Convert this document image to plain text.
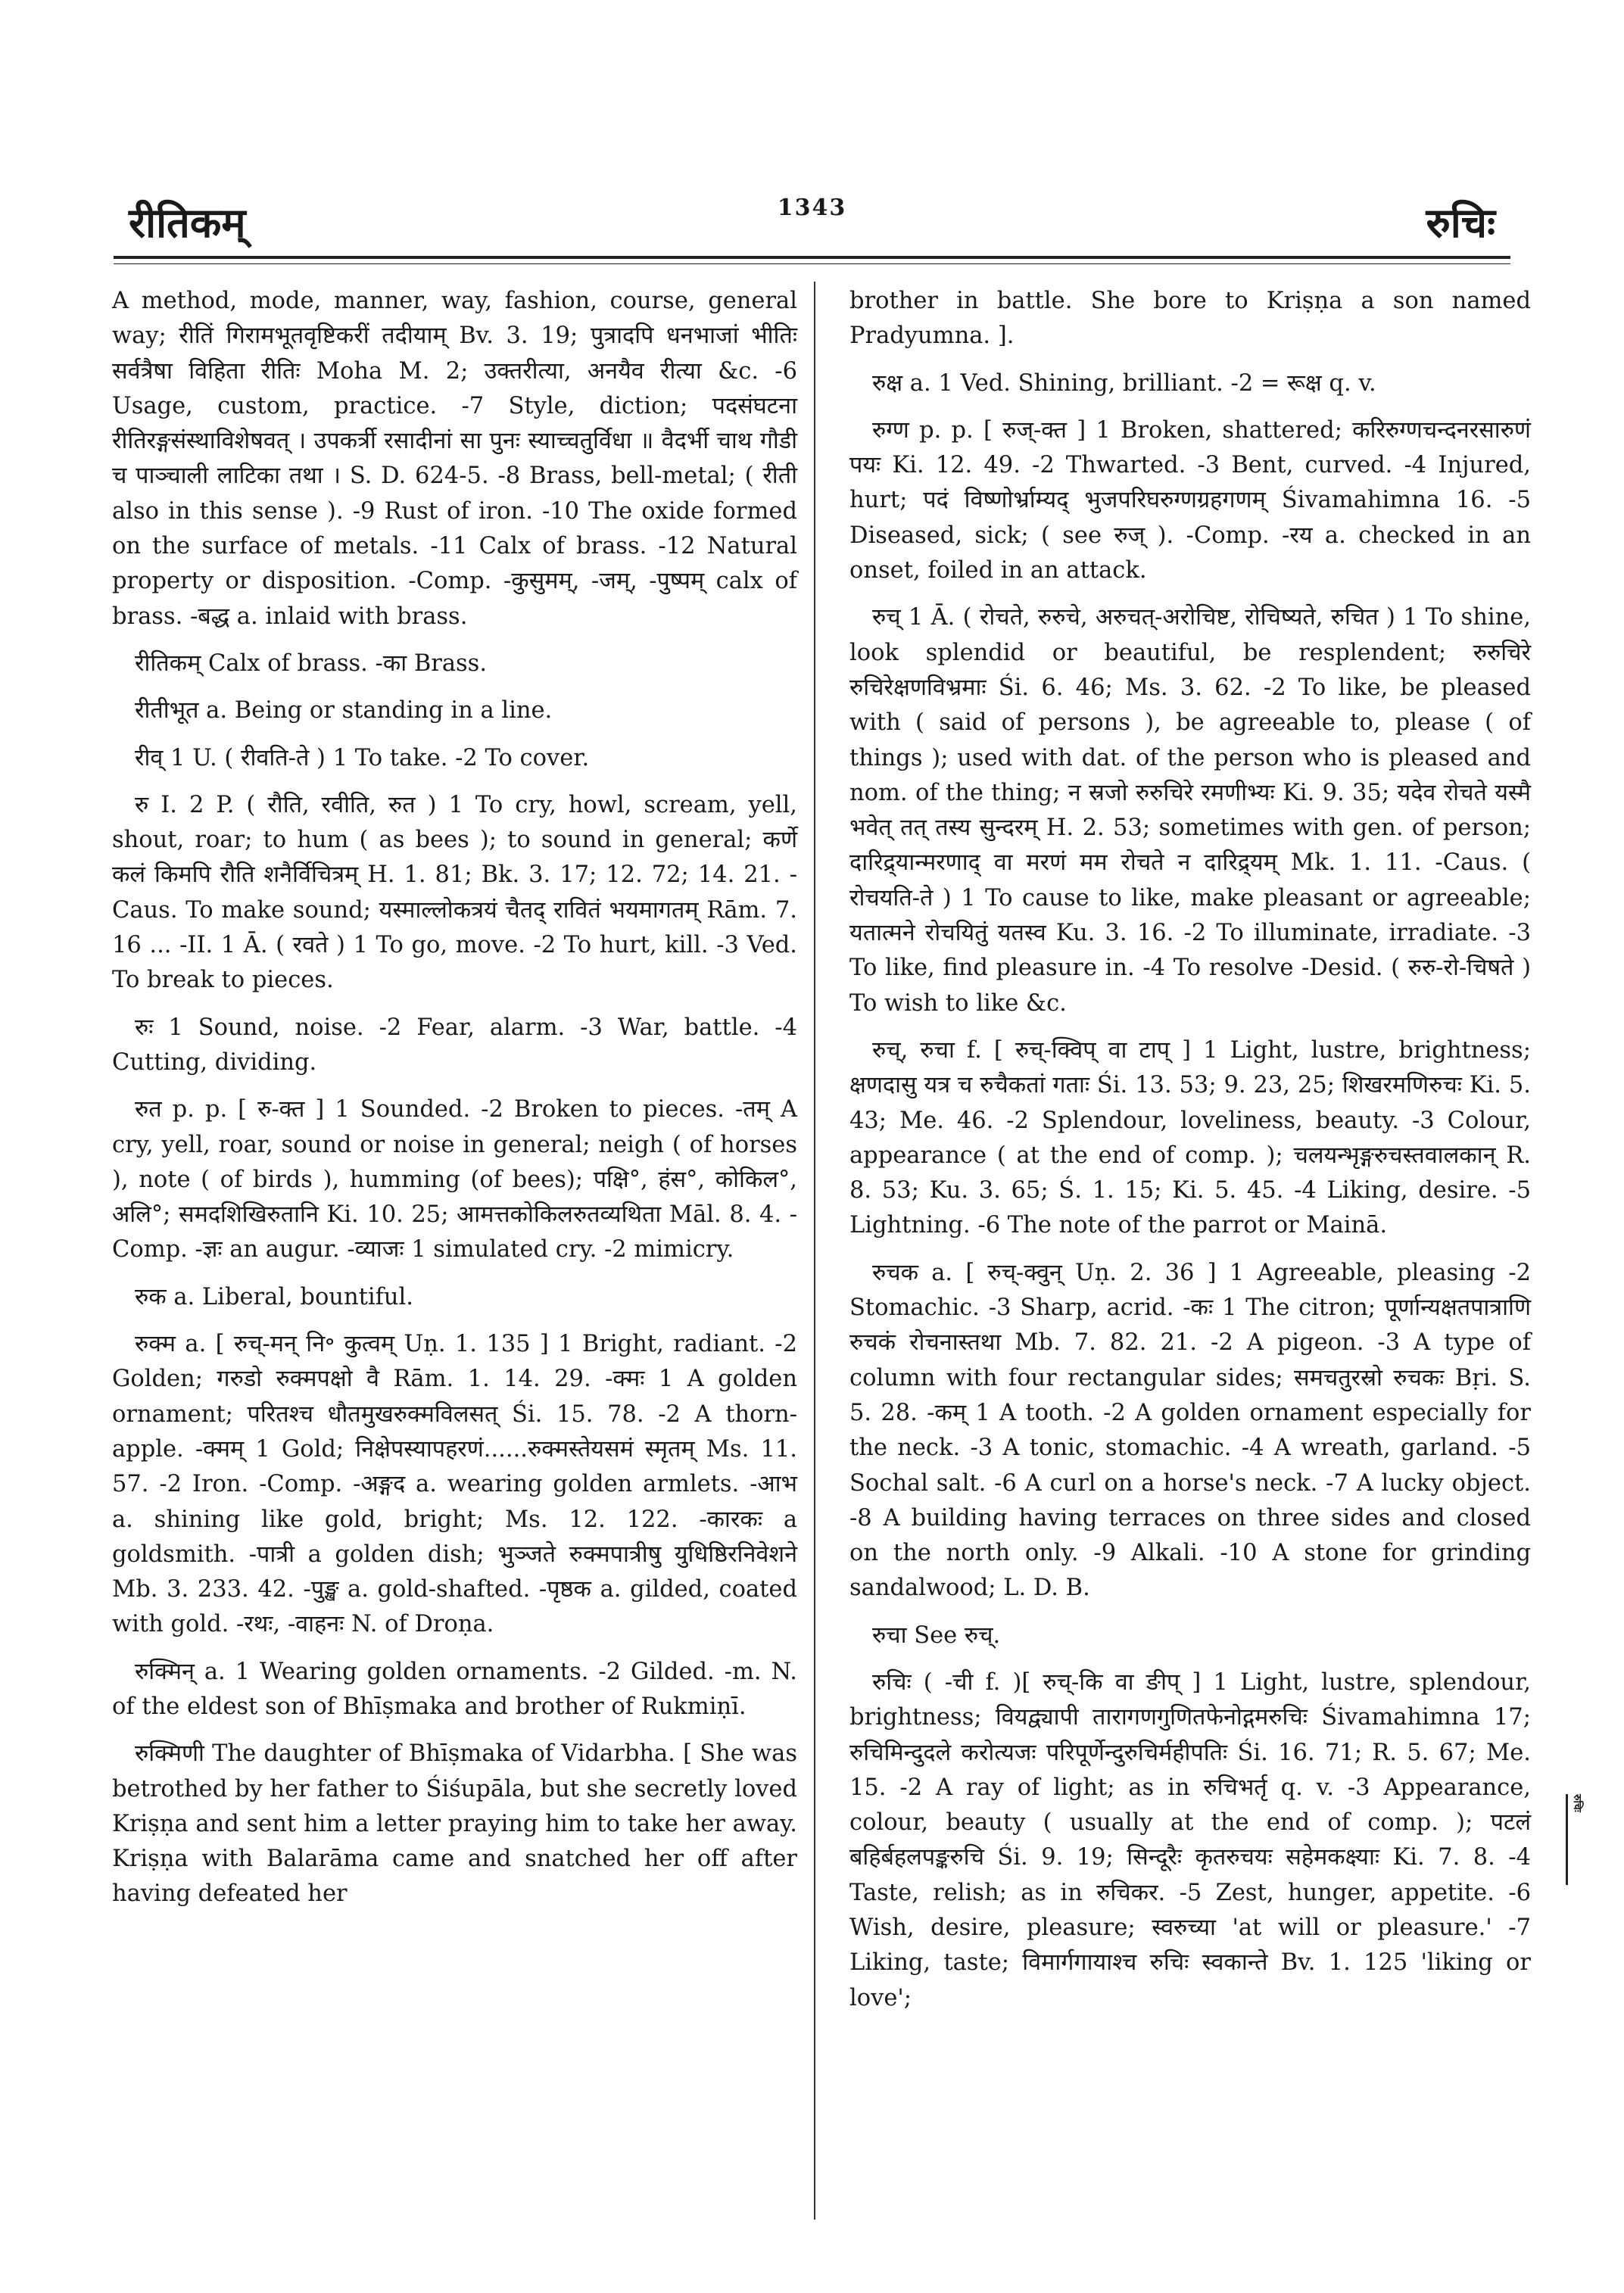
रीतिकम्	1343	रुचिः

A method, mode, manner, way, fashion, course, general way; रीतिं गिरामभूतवृष्टिकरीं तदीयाम् Bv. 3. 19; पुत्रादपि धनभाजां भीतिः सर्वत्रैषा विहिता रीतिः Moha M. 2; उक्तरीत्या, अनयैव रीत्या &c. -6 Usage, custom, practice. -7 Style, diction; पदसंघटना रीतिरङ्गसंस्थाविशेषवत् । उपकर्त्री रसादीनां सा पुनः स्याच्चतुर्विधा ॥ वैदर्भी चाथ गौडी च पाञ्चाली लाटिका तथा । S. D. 624-5. -8 Brass, bell-metal; ( रीती also in this sense ). -9 Rust of iron. -10 The oxide formed on the surface of metals. -11 Calx of brass. -12 Natural property or disposition. -Comp. -कुसुमम्, -जम्, -पुष्पम् calx of brass. -बद्ध a. inlaid with brass.

रीतिकम् Calx of brass. -का Brass.

रीतीभूत a. Being or standing in a line.

रीव् 1 U. ( रीवति-ते ) 1 To take. -2 To cover.

रु I. 2 P. ( रौति, रवीति, रुत ) 1 To cry, howl, scream, yell, shout, roar; to hum ( as bees ); to sound in general; कर्णे कलं किमपि रौति शनैर्विचित्रम् H. 1. 81; Bk. 3. 17; 12. 72; 14. 21. -Caus. To make sound; यस्माल्लोकत्रयं चैतद् रावितं भयमागतम् Rām. 7. 16 ... -II. 1 Ā. ( रवते ) 1 To go, move. -2 To hurt, kill. -3 Ved. To break to pieces.

रुः 1 Sound, noise. -2 Fear, alarm. -3 War, battle. -4 Cutting, dividing.

रुत p. p. [ रु-क्त ] 1 Sounded. -2 Broken to pieces. -तम् A cry, yell, roar, sound or noise in general; neigh ( of horses ), note ( of birds ), humming (of bees); पक्षि°, हंस°, कोकिल°, अलि°; समदशिखिरुतानि Ki. 10. 25; आमत्तकोकिलरुतव्यथिता Māl. 8. 4. -Comp. -ज्ञः an augur. -व्याजः 1 simulated cry. -2 mimicry.

रुक a. Liberal, bountiful.

रुक्म a. [ रुच्-मन् नि॰ कुत्वम् Uṇ. 1. 135 ] 1 Bright, radiant. -2 Golden; गरुडो रुक्मपक्षो वै Rām. 1. 14. 29. -क्मः 1 A golden ornament; परितश्च धौतमुखरुक्मविलसत् Śi. 15. 78. -2 A thorn-apple. -क्मम् 1 Gold; निक्षेपस्यापहरणं......रुक्मस्तेयसमं स्मृतम् Ms. 11. 57. -2 Iron. -Comp. -अङ्गद a. wearing golden armlets. -आभ a. shining like gold, bright; Ms. 12. 122. -कारकः a goldsmith. -पात्री a golden dish; भुञ्जते रुक्मपात्रीषु युधिष्ठिरनिवेशने Mb. 3. 233. 42. -पुङ्ख a. gold-shafted. -पृष्ठक a. gilded, coated with gold. -रथः, -वाहनः N. of Droṇa.

रुक्मिन् a. 1 Wearing golden ornaments. -2 Gilded. -m. N. of the eldest son of Bhīṣmaka and brother of Rukmiṇī.

रुक्मिणी The daughter of Bhīṣmaka of Vidarbha. [ She was betrothed by her father to Śiśupāla, but she secretly loved Kriṣṇa and sent him a letter praying him to take her away. Kriṣṇa with Balarāma came and snatched her off after having defeated her

brother in battle. She bore to Kriṣṇa a son named Pradyumna. ].

रुक्ष a. 1 Ved. Shining, brilliant. -2 = रूक्ष q. v.

रुग्ण p. p. [ रुज्-क्त ] 1 Broken, shattered; करिरुग्णचन्दनरसारुणं पयः Ki. 12. 49. -2 Thwarted. -3 Bent, curved. -4 Injured, hurt; पदं विष्णोर्भ्राम्यद् भुजपरिघरुग्णग्रहगणम् Śivamahimna 16. -5 Diseased, sick; ( see रुज् ). -Comp. -रय a. checked in an onset, foiled in an attack.

रुच् 1 Ā. ( रोचते, रुरुचे, अरुचत्-अरोचिष्ट, रोचिष्यते, रुचित ) 1 To shine, look splendid or beautiful, be resplendent; रुरुचिरे रुचिरेक्षणविभ्रमाः Śi. 6. 46; Ms. 3. 62. -2 To like, be pleased with ( said of persons ), be agreeable to, please ( of things ); used with dat. of the person who is pleased and nom. of the thing; न स्रजो रुरुचिरे रमणीभ्यः Ki. 9. 35; यदेव रोचते यस्मै भवेत् तत् तस्य सुन्दरम् H. 2. 53; sometimes with gen. of person; दारिद्र्यान्मरणाद् वा मरणं मम रोचते न दारिद्र्यम् Mk. 1. 11. -Caus. ( रोचयति-ते ) 1 To cause to like, make pleasant or agreeable; यतात्मने रोचयितुं यतस्व Ku. 3. 16. -2 To illuminate, irradiate. -3 To like, find pleasure in. -4 To resolve -Desid. ( रुरु-रो-चिषते ) To wish to like &c.

रुच्, रुचा f. [ रुच्-क्विप् वा टाप् ] 1 Light, lustre, brightness; क्षणदासु यत्र च रुचैकतां गताः Śi. 13. 53; 9. 23, 25; शिखरमणिरुचः Ki. 5. 43; Me. 46. -2 Splendour, loveliness, beauty. -3 Colour, appearance ( at the end of comp. ); चलयन्भृङ्गरुचस्तवालकान् R. 8. 53; Ku. 3. 65; Ś. 1. 15; Ki. 5. 45. -4 Liking, desire. -5 Lightning. -6 The note of the parrot or Mainā.

रुचक a. [ रुच्-क्वुन् Uṇ. 2. 36 ] 1 Agreeable, pleasing -2 Stomachic. -3 Sharp, acrid. -कः 1 The citron; पूर्णान्यक्षतपात्राणि रुचकं रोचनास्तथा Mb. 7. 82. 21. -2 A pigeon. -3 A type of column with four rectangular sides; समचतुरस्रो रुचकः Bṛi. S. 5. 28. -कम् 1 A tooth. -2 A golden ornament especially for the neck. -3 A tonic, stomachic. -4 A wreath, garland. -5 Sochal salt. -6 A curl on a horse's neck. -7 A lucky object. -8 A building having terraces on three sides and closed on the north only. -9 Alkali. -10 A stone for grinding sandalwood; L. D. B.

रुचा See रुच्.

रुचिः ( -ची f. )[ रुच्-कि वा ङीप् ] 1 Light, lustre, splendour, brightness; वियद्व्यापी तारागणगुणितफेनोद्गमरुचिः Śivamahimna 17; रुचिमिन्दुदले करोत्यजः परिपूर्णेन्दुरुचिर्महीपतिः Śi. 16. 71; R. 5. 67; Me. 15. -2 A ray of light; as in रुचिभर्तृ q. v. -3 Appearance, colour, beauty ( usually at the end of comp. ); पटलं बहिर्बहलपङ्करुचि Śi. 9. 19; सिन्दूरैः कृतरुचयः सहेमकक्ष्याः Ki. 7. 8. -4 Taste, relish; as in रुचिकर. -5 Zest, hunger, appetite. -6 Wish, desire, pleasure; स्वरुच्या 'at will or pleasure.' -7 Liking, taste; विमार्गगायाश्च रुचिः स्वकान्ते Bv. 1. 125 'liking or love';

रुचिः
